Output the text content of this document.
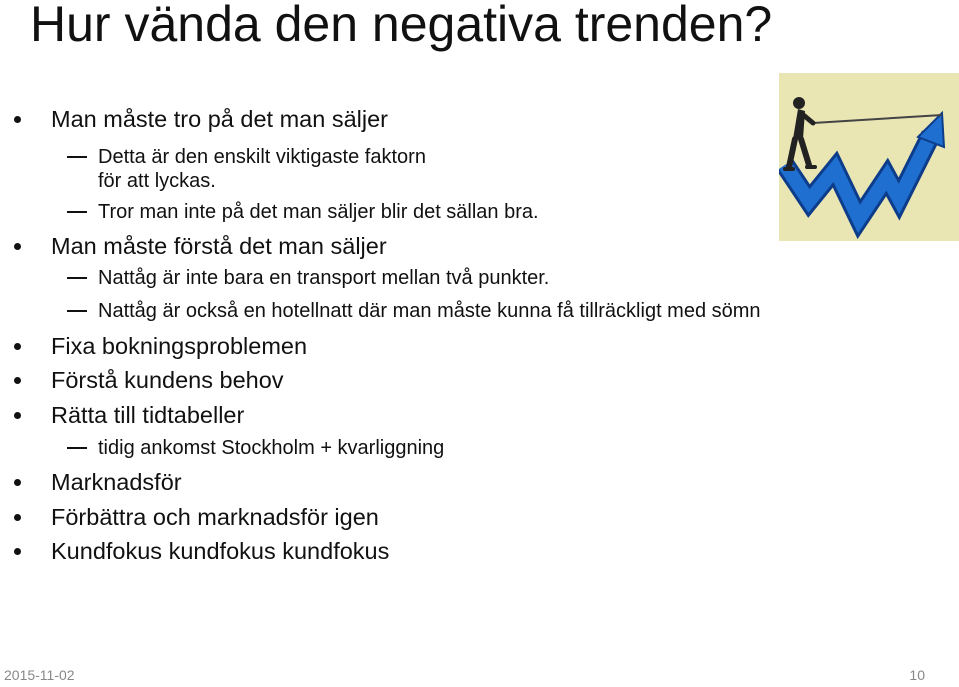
Hur vända den negativa trenden?
Man måste tro på det man säljer
Detta är den enskilt viktigaste faktorn
för att lyckas.
Tror man inte på det man säljer blir det sällan bra.
Man måste förstå det man säljer
Nattåg är inte bara en transport mellan två punkter.
Nattåg är också en hotellnatt där man måste kunna få tillräckligt med sömn
Fixa bokningsproblemen
Förstå kundens behov
Rätta till tidtabeller
tidig ankomst Stockholm + kvarliggning
Marknadsför
Förbättra och marknadsför igen
Kundfokus kundfokus kundfokus
2015-11-02	10
